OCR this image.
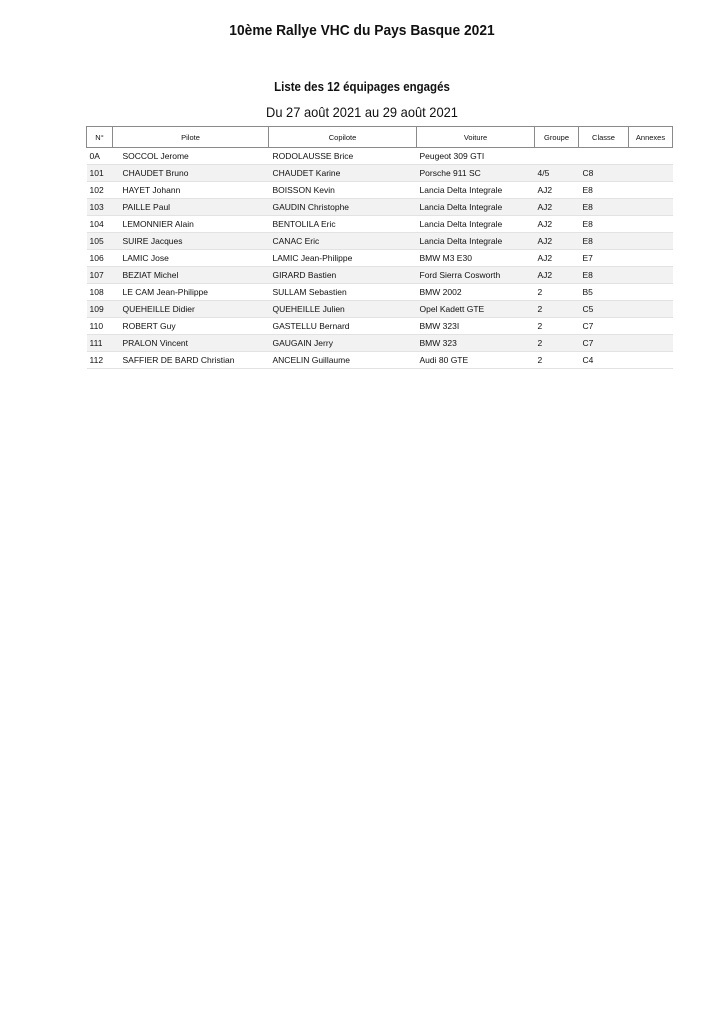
10ème Rallye VHC du Pays Basque 2021
Liste des 12 équipages engagés
Du 27 août 2021 au 29 août 2021
N°	Pilote	Copilote	Voiture	Groupe	Classe	Annexes
0A	SOCCOL Jerome	RODOLAUSSE Brice	Peugeot 309 GTI			
101	CHAUDET Bruno	CHAUDET Karine	Porsche 911 SC	4/5	C8	
102	HAYET Johann	BOISSON Kevin	Lancia Delta Integrale	AJ2	E8	
103	PAILLE Paul	GAUDIN Christophe	Lancia Delta Integrale	AJ2	E8	
104	LEMONNIER Alain	BENTOLILA Eric	Lancia Delta Integrale	AJ2	E8	
105	SUIRE Jacques	CANAC Eric	Lancia Delta Integrale	AJ2	E8	
106	LAMIC Jose	LAMIC Jean-Philippe	BMW M3 E30	AJ2	E7	
107	BEZIAT Michel	GIRARD Bastien	Ford Sierra Cosworth	AJ2	E8	
108	LE CAM Jean-Philippe	SULLAM Sebastien	BMW 2002	2	B5	
109	QUEHEILLE Didier	QUEHEILLE Julien	Opel Kadett GTE	2	C5	
110	ROBERT Guy	GASTELLU Bernard	BMW 323I	2	C7	
111	PRALON Vincent	GAUGAIN Jerry	BMW 323	2	C7	
112	SAFFIER DE BARD Christian	ANCELIN Guillaume	Audi 80 GTE	2	C4	
